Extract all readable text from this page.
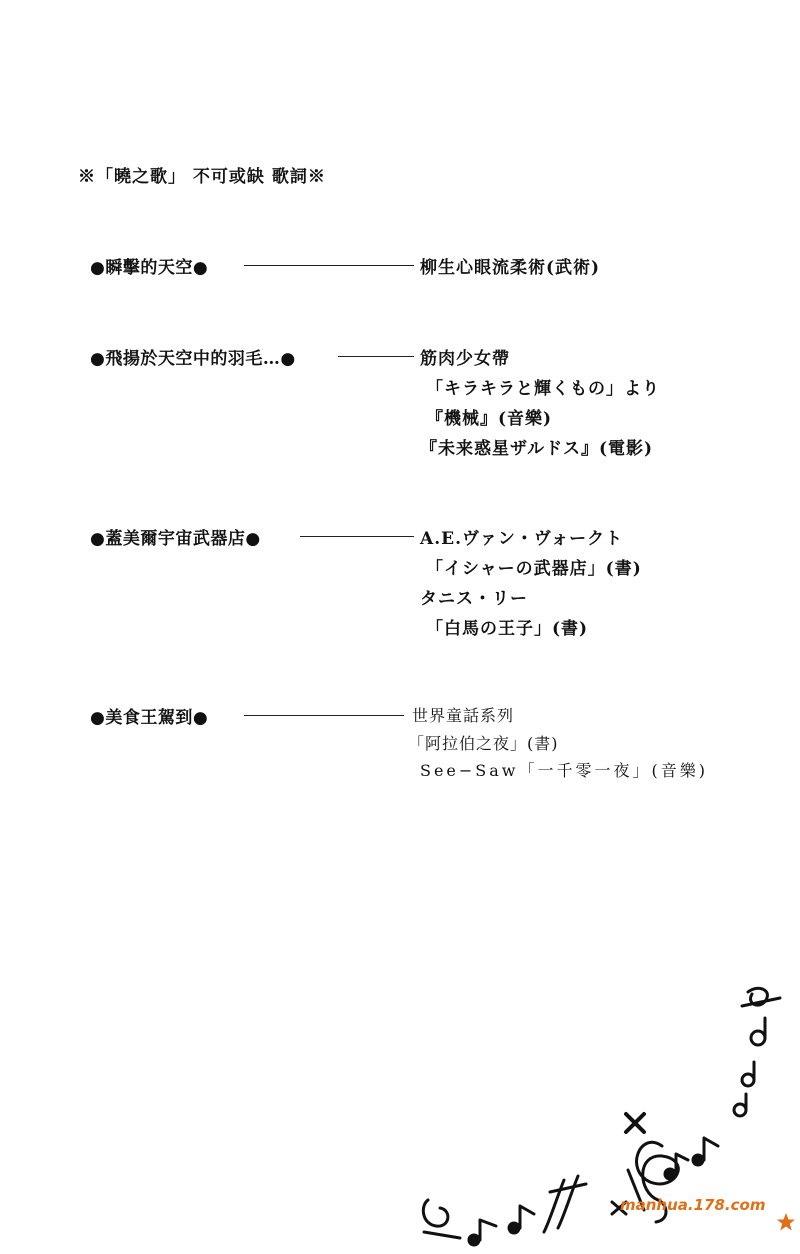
※「曉之歌」 不可或缺 歌詞※
●瞬擊的天空●	柳生心眼流柔術(武術)
●飛揚於天空中的羽毛…●	筋肉少女帶
「キラキラと輝くもの」より
『機械』(音樂)
『未来惑星ザルドス』(電影)
●蓋美爾宇宙武器店●	A.E.ヴァン・ヴォークト
「イシャーの武器店」(書)
タニス・リー
「白馬の王子」(書)
●美食王駕到●	世界童話系列
「阿拉伯之夜」(書)
See−Saw「一千零一夜」(音樂)
manhua.178.com
